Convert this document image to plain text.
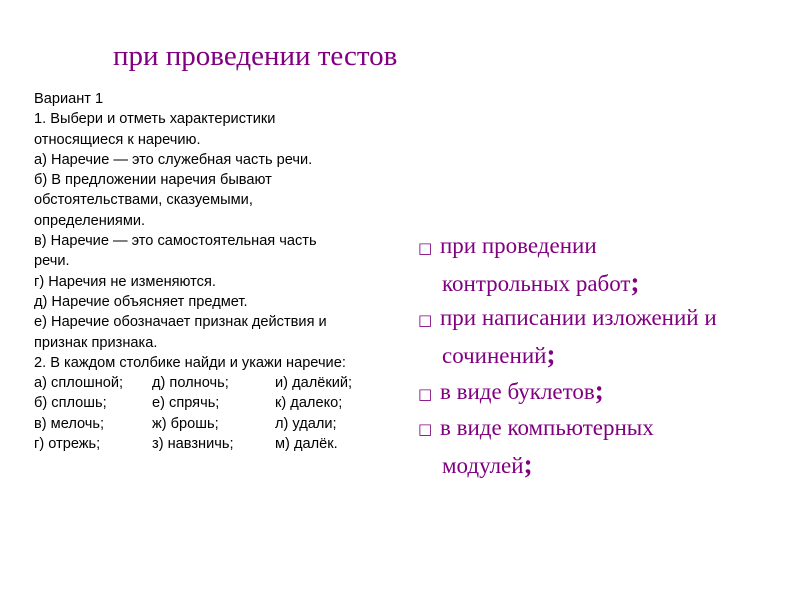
при проведении тестов
Вариант 1
1. Выбери и отметь характеристики
относящиеся к наречию.
а) Наречие — это служебная часть речи.
б) В предложении наречия бывают
обстоятельствами, сказуемыми,
определениями.
в) Наречие — это самостоятельная часть
речи.
г) Наречия не изменяются.
д) Наречие объясняет предмет.
е) Наречие обозначает признак действия и
признак признака.
2. В каждом столбике найди и укажи наречие:
а) сплошной; д) полночь;	и) далёкий;
б) сплошь;	е) спрячь;	к) далеко;
в) мелочь;	ж) брошь;	л) удали;
г) отрежь;	з) навзничь;	м) далёк.
□ при проведении
контрольных работ;
□ при написании изложений и
сочинений;
□ в виде буклетов;
□ в виде компьютерных
модулей;
